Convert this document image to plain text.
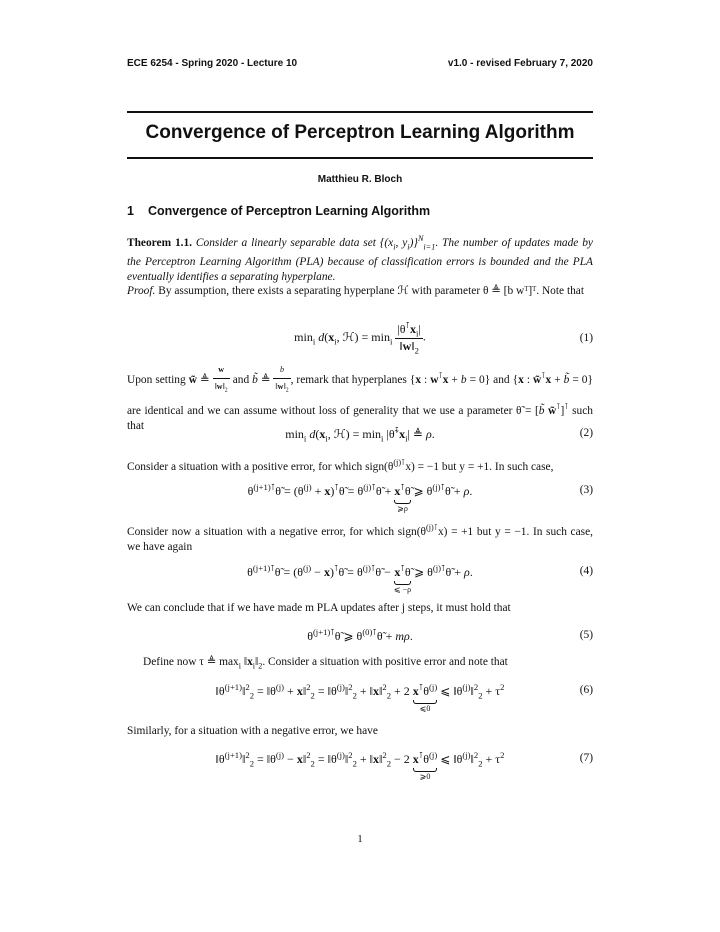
ECE 6254 - Spring 2020 - Lecture 10	v1.0 - revised February 7, 2020
Convergence of Perceptron Learning Algorithm
Matthieu R. Bloch
1 Convergence of Perceptron Learning Algorithm
Theorem 1.1. Consider a linearly separable data set {($x_i$, $y_i)\}^N_{i=1}$. The number of updates made by the Perceptron Learning Algorithm (PLA) because of classification errors is bounded and the PLA eventually identifies a separating hyperplane.
Proof. By assumption, there exists a separating hyperplane ℋ with parameter θ ≜ [b wᵀ]ᵀ. Note that
$\min_i d(x_i$, ℋ) = $\min_i \frac{|\theta^⊺x_i|}{‖w‖_2}$ .	(1)
Upon setting w̃ ≜ $\frac{w}{‖w‖_2}$ and b̃ ≜ $\frac{b}{‖w‖_2}$ , remark that hyperplanes {x : w⊺x + b = 0} and {x : w̃⊺x + b̃ = 0} are identical and we can assume without loss of generality that we use a parameter θ̃ = [b̃ w̃⊺]⊺ such that
$\min_i d(x_i$, ℋ) = $\min_i$ $|\thetã^⊺x_i|$ ≜ ρ.	(2)
Consider a situation with a positive error, for which $sign(\theta^{(j)⊺}x) = -1$ but y = +1. In such case,
$\theta^{(j+1)⊺}\thetã = (\theta^{(j)}$ + x)⊺θ̃ = $\theta^{(j)⊺}\thetã$ + x⊺θ̃
⩾ρ
⩾ $\theta^{(j)⊺}\thetã + \rho$.	(3)
Consider now a situation with a negative error, for which $sign(\theta^{(j)⊺}x) = +1$ but y = −1. In such case, we have again
$\theta^{(j+1)⊺}\thetã = (\theta^{(j)}$ − x)⊺θ̃ = $\theta^{(j)⊺}\thetã$ − x⊺θ̃
⩽ −ρ
⩾ $\theta^{(j)⊺}\thetã + \rho$.	(4)
We can conclude that if we have made m PLA updates after j steps, it must hold that
$\theta^{(j+1)⊺}\thetã$ ⩾ $\theta^{(0)⊺}\thetã + m\rho$.	(5)
Define now τ ≜ $\max_i$ $‖x_i‖_2$. Consider a situation with positive error and note that
$‖\theta^{(j+1)}‖^2_2$ = $‖\theta^{(j)}$ + x‖$^2_2$ = $‖\theta^{(j)}‖^2_2$ + ‖x‖$^2_2$ + 2 $x^⊺\theta^{(j)}$
⩽0
⩽ $‖\theta^{(j)}‖^2_2 + \tau^2$	(6)
Similarly, for a situation with a negative error, we have
$‖\theta^{(j+1)}‖^2_2$ = $‖\theta^{(j)}$ − x‖$^2_2$ = $‖\theta^{(j)}‖^2_2$ + ‖x‖$^2_2$ − 2 $x^⊺\theta^{(j)}$
⩾0
⩽ $‖\theta^{(j)}‖^2_2 + \tau^2$	(7)
1
